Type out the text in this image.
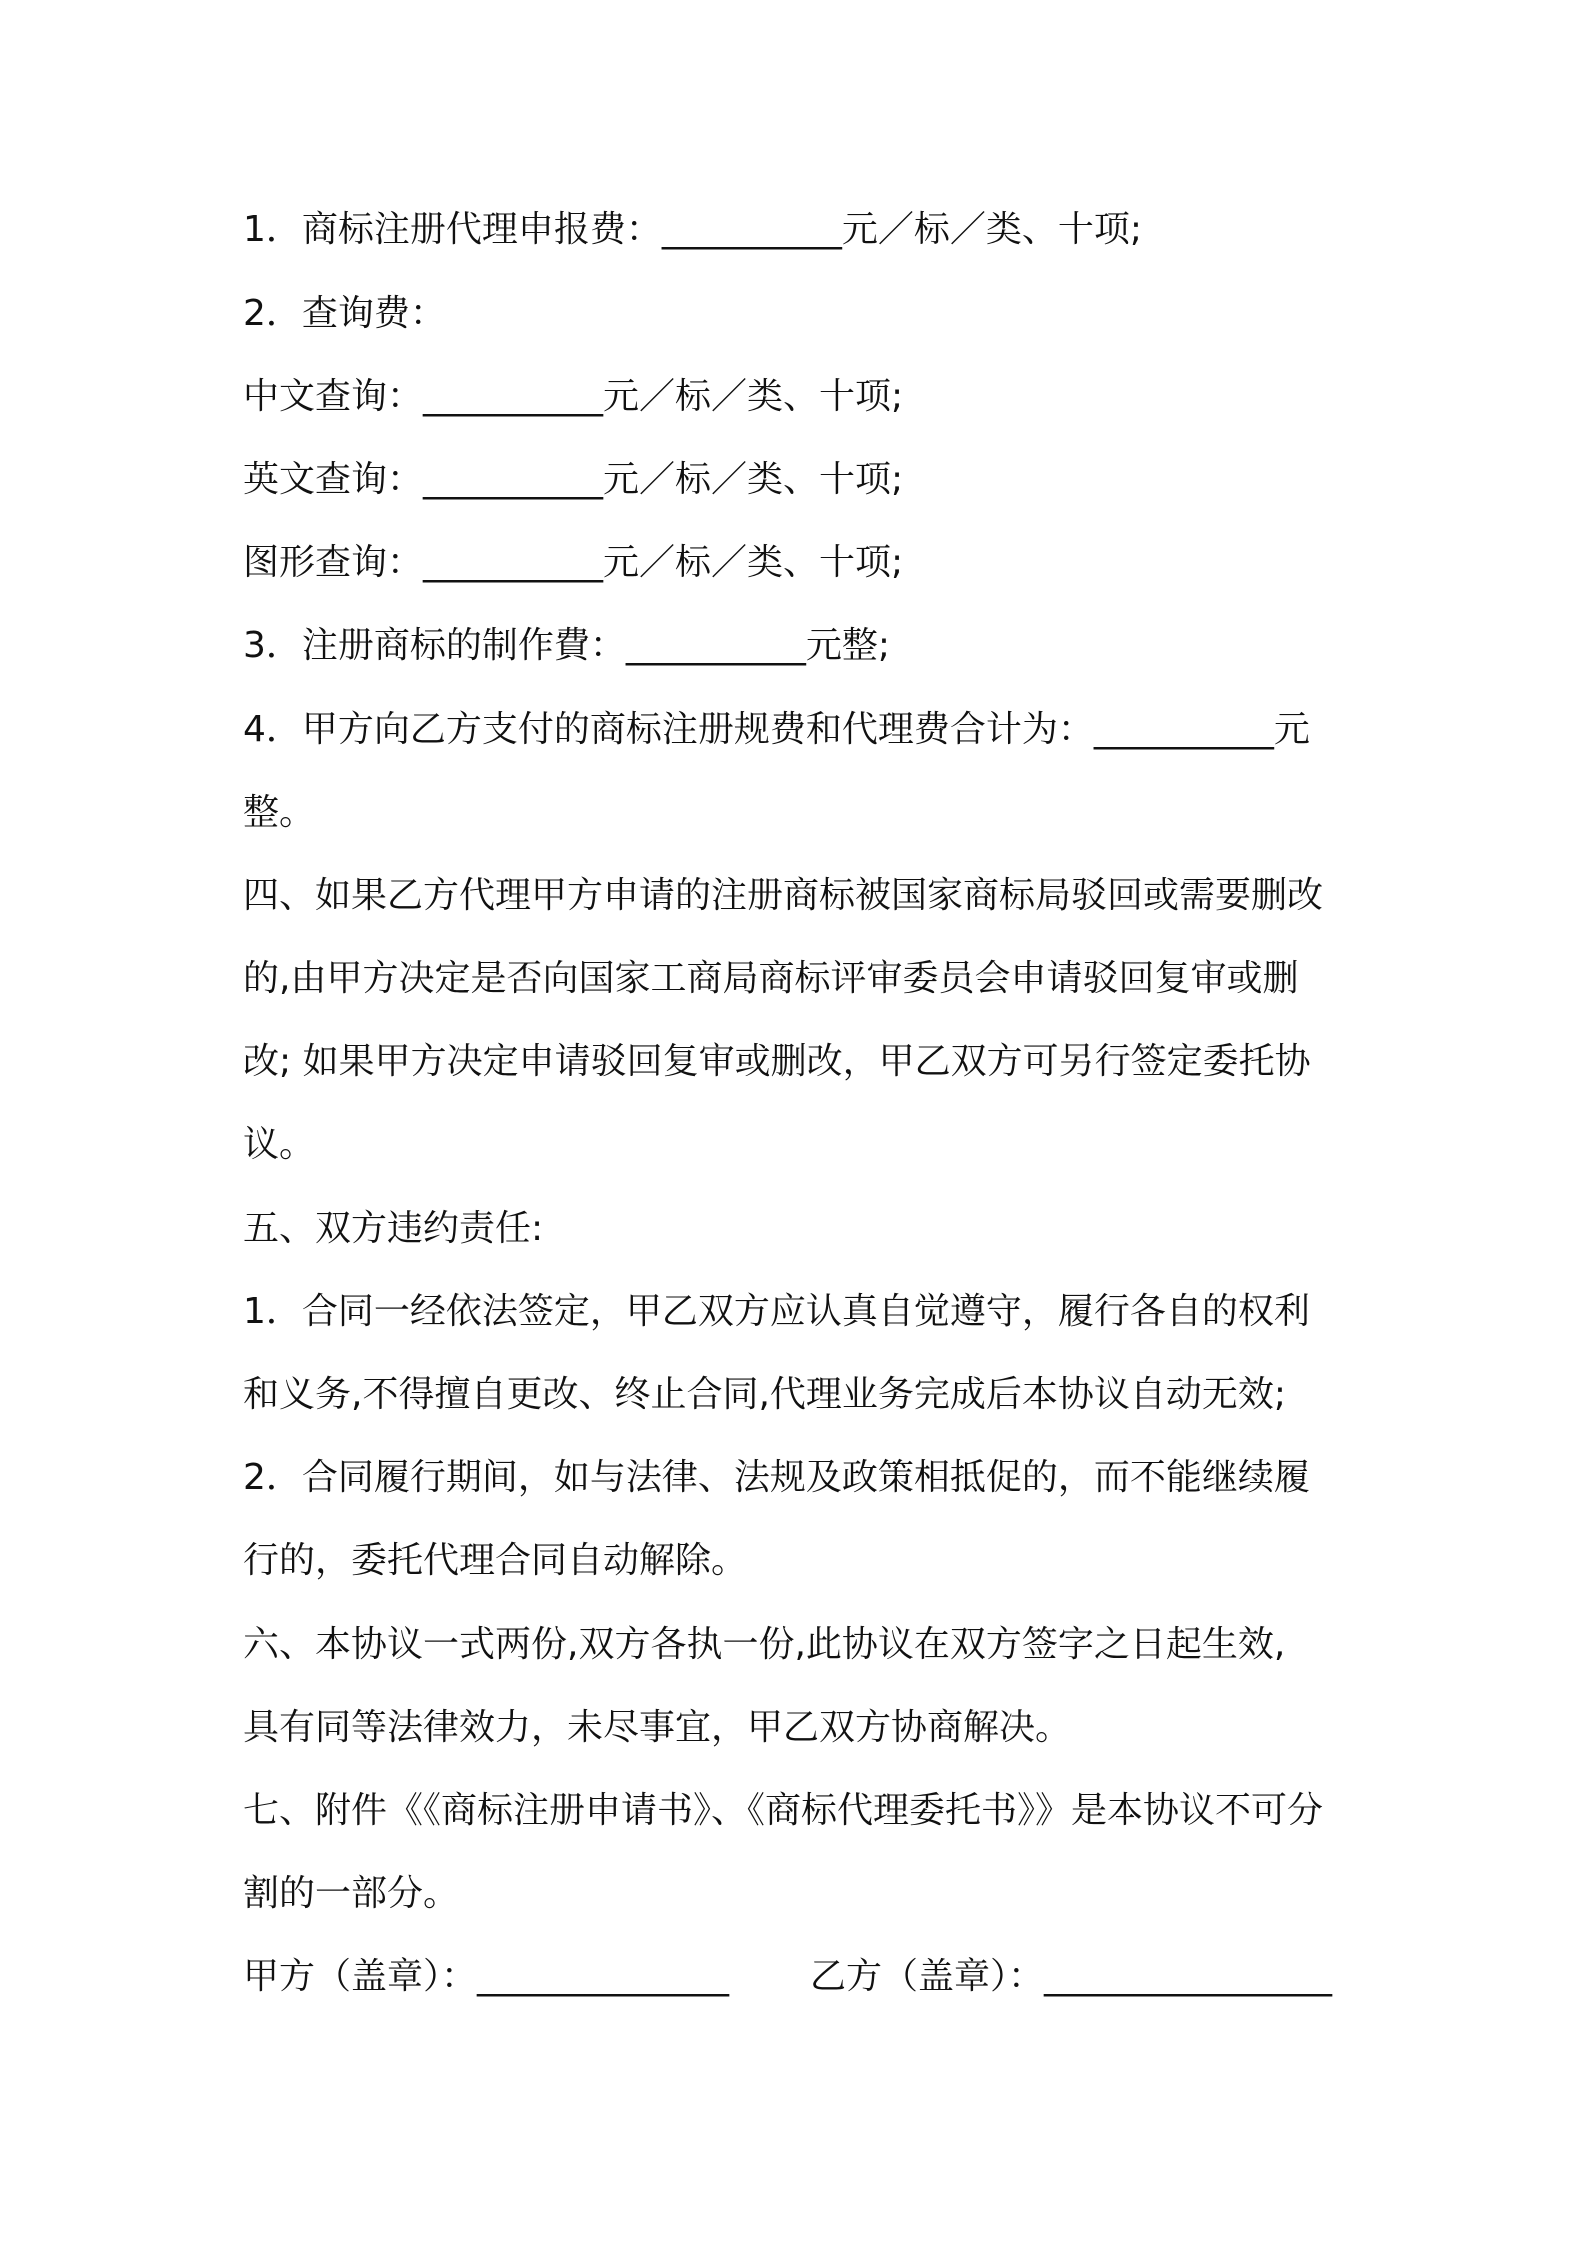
1．商标注册代理申报费：__________元／标／类、十项;
2．查询费：
中文查询：__________元／标／类、十项;
英文查询：__________元／标／类、十项;
图形查询：__________元／标／类、十项;
3．注册商标的制作費：__________元整;
4．甲方向乙方支付的商标注册规费和代理费合计为：__________元
整。
四、如果乙方代理甲方申请的注册商标被国家商标局驳回或需要删改
的,由甲方决定是否向国家工商局商标评审委员会申请驳回复审或删
改; 如果甲方决定申请驳回复审或删改，甲乙双方可另行签定委托协
议。
五、双方违约责任:
1．合同一经依法签定，甲乙双方应认真自觉遵守，履行各自的权利
和义务,不得擅自更改、终止合同,代理业务完成后本协议自动无效;
2．合同履行期间，如与法律、法规及政策相抵促的，而不能继续履
行的，委托代理合同自动解除。
六、本协议一式两份,双方各执一份,此协议在双方签字之日起生效,
具有同等法律效力，未尽事宜，甲乙双方协商解决。
七、附件《《商标注册申请书》、《商标代理委托书》》是本协议不可分
割的一部分。
甲方（盖章）：______________	乙方（盖章）：________________
